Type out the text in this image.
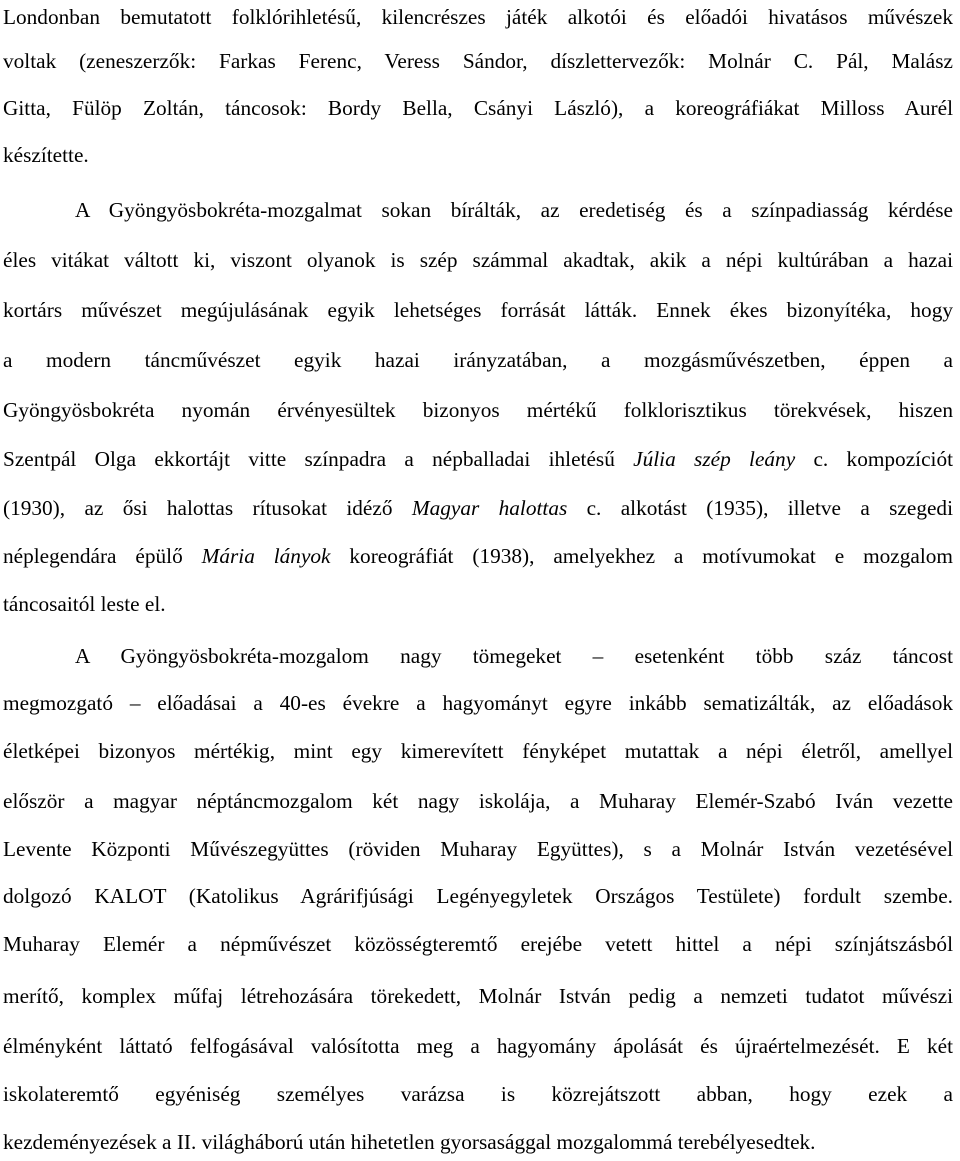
Londonban bemutatott folklórihletésű, kilencrészes játék alkotói és előadói hivatásos művészek
voltak (zeneszerzők: Farkas Ferenc, Veress Sándor, díszlettervezők: Molnár C. Pál, Malász
Gitta, Fülöp Zoltán, táncosok: Bordy Bella, Csányi László), a koreográfiákat Milloss Aurél
készítette.
A Gyöngyösbokréta-mozgalmat sokan bírálták, az eredetiség és a színpadiasság kérdése
éles vitákat váltott ki, viszont olyanok is szép számmal akadtak, akik a népi kultúrában a hazai
kortárs művészet megújulásának egyik lehetséges forrását látták. Ennek ékes bizonyítéka, hogy
a modern táncművészet egyik hazai irányzatában, a mozgásművészetben, éppen a
Gyöngyösbokréta nyomán érvényesültek bizonyos mértékű folklorisztikus törekvések, hiszen
Szentpál Olga ekkortájt vitte színpadra a népballadai ihletésű Júlia szép leány c. kompozíciót
(1930), az ősi halottas rítusokat idéző Magyar halottas c. alkotást (1935), illetve a szegedi
néplegendára épülő Mária lányok koreográfiát (1938), amelyekhez a motívumokat e mozgalom
táncosaitól leste el.
A Gyöngyösbokréta-mozgalom nagy tömegeket – esetenként több száz táncost
megmozgató – előadásai a 40-es évekre a hagyományt egyre inkább sematizálták, az előadások
életképei bizonyos mértékig, mint egy kimerevített fényképet mutattak a népi életről, amellyel
először a magyar néptáncmozgalom két nagy iskolája, a Muharay Elemér-Szabó Iván vezette
Levente Központi Művészegyüttes (röviden Muharay Együttes), s a Molnár István vezetésével
dolgozó KALOT (Katolikus Agrárifjúsági Legényegyletek Országos Testülete) fordult szembe.
Muharay Elemér a népművészet közösségteremtő erejébe vetett hittel a népi színjátszásból
merítő, komplex műfaj létrehozására törekedett, Molnár István pedig a nemzeti tudatot művészi
élményként láttató felfogásával valósította meg a hagyomány ápolását és újraértelmezését. E két
iskolateremtő egyéniség személyes varázsa is közrejátszott abban, hogy ezek a
kezdeményezések a II. világháború után hihetetlen gyorsasággal mozgalommá terebélyesedtek.
